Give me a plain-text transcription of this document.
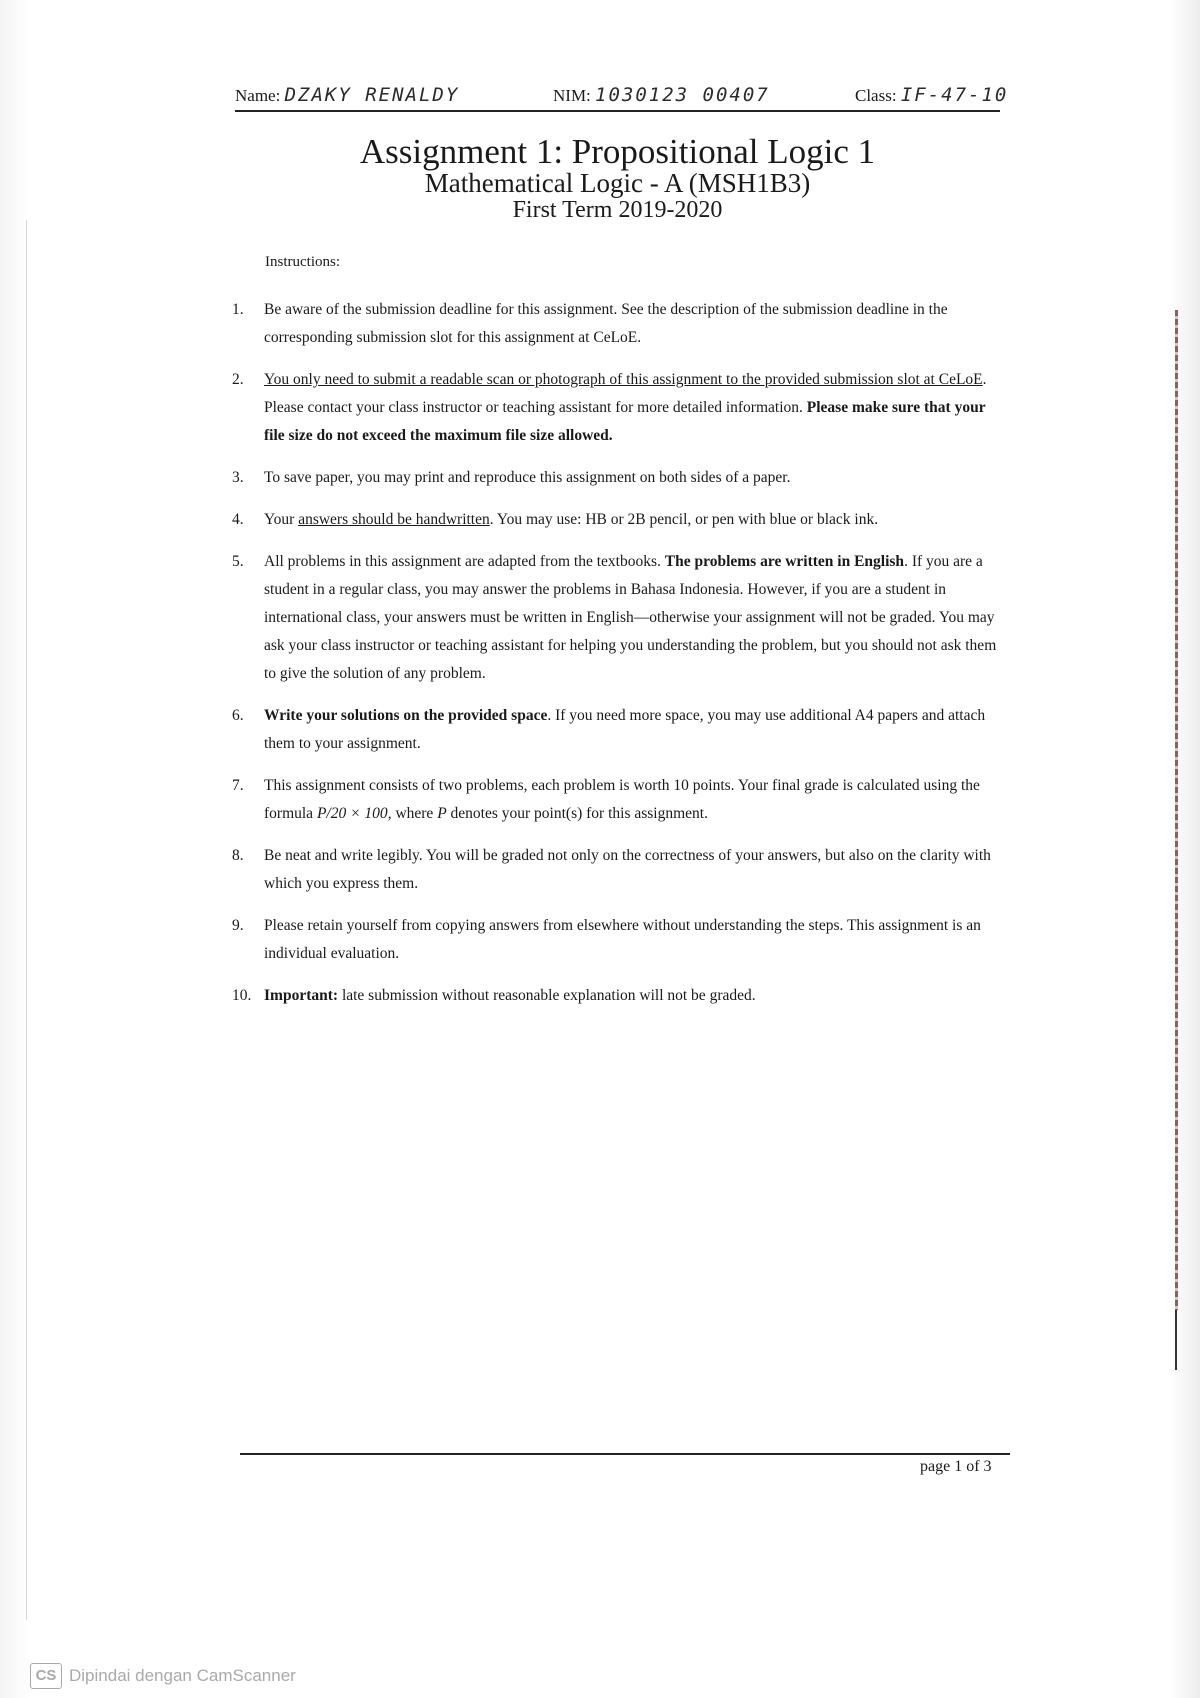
Name: DZAKY RENALDY	NIM: 1030123 00407	Class: IF-47-10
Assignment 1: Propositional Logic 1
Mathematical Logic - A (MSH1B3)
First Term 2019-2020
Instructions:
1.	Be aware of the submission deadline for this assignment. See the description of the submission deadline in the corresponding submission slot for this assignment at CeLoE.
2.	You only need to submit a readable scan or photograph of this assignment to the provided submission slot at CeLoE. Please contact your class instructor or teaching assistant for more detailed information. Please make sure that your file size do not exceed the maximum file size allowed.
3.	To save paper, you may print and reproduce this assignment on both sides of a paper.
4.	Your answers should be handwritten. You may use: HB or 2B pencil, or pen with blue or black ink.
5.	All problems in this assignment are adapted from the textbooks. The problems are written in English. If you are a student in a regular class, you may answer the problems in Bahasa Indonesia. However, if you are a student in international class, your answers must be written in English—otherwise your assignment will not be graded. You may ask your class instructor or teaching assistant for helping you understanding the problem, but you should not ask them to give the solution of any problem.
6.	Write your solutions on the provided space. If you need more space, you may use additional A4 papers and attach them to your assignment.
7.	This assignment consists of two problems, each problem is worth 10 points. Your final grade is calculated using the formula P/20 × 100, where P denotes your point(s) for this assignment.
8.	Be neat and write legibly. You will be graded not only on the correctness of your answers, but also on the clarity with which you express them.
9.	Please retain yourself from copying answers from elsewhere without understanding the steps. This assignment is an individual evaluation.
10. Important: late submission without reasonable explanation will not be graded.
page 1 of 3
CS Dipindai dengan CamScanner
